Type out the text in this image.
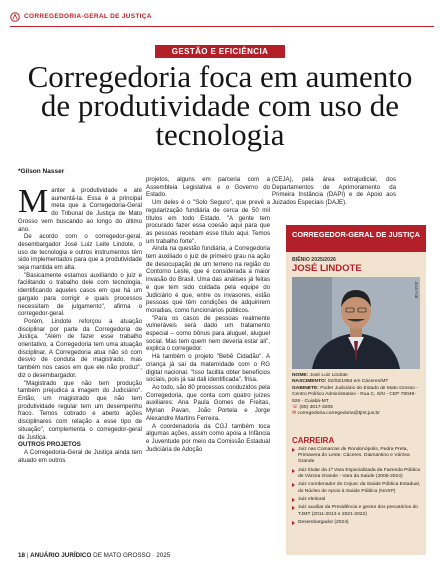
CORREGEDORIA-GERAL DE JUSTIÇA
GESTÃO E EFICIÊNCIA
Corregedoria foca em aumento de produtividade com uso de tecnologia
*Gilson Nasser

Manter a produtividade e até aumentá-la. Essa é a principal meta que a Corregedoria-Geral do Tribunal de Justiça de Mato Grosso vem buscando ao longo do último ano.

De acordo com o corregedor-geral, desembargador José Luiz Leite Lindote, o uso de tecnologia e outros instrumentos têm sido implementados para que a produtividade seja mantida em alta.

"Basicamente estamos auxiliando o juiz e facilitando o trabalho dele com tecnologia, identificando aqueles casos em que há um gargalo para corrigir e quais processos necessitam de julgamento", afirma o corregedor-geral.

Porém, Lindote reforçou a atuação disciplinar por parte da Corregedoria de Justiça. "Além de fazer esse trabalho orientativo, a Corregedoria tem uma atuação disciplinar. A Corregedoria atua não só com desvio de conduta de magistrado, mas também nos casos em que ele não produz", diz o desembargador.

"Magistrado que não tem produção também prejudica a imagem do Judiciário". Então, um magistrado que não tem produtividade regular tem um desempenho fraco. Temos cobrado e aberto ações disciplinares com relação a esse tipo de situação", complementa o corregedor-geral de Justiça.

OUTROS PROJETOS

A Corregedoria-Geral de Justiça ainda tem atuado em outros

projetos, alguns em parceria com a Assembleia Legislativa e o Governo do Estado.

Um deles é o "Solo Seguro", que prevê a regularização fundiária de cerca de 50 mil títulos em todo Estado. "A gente tem procurado fazer essa coesão aqui para que as pessoas recebam esse título aqui. Temos um trabalho forte".

Ainda na questão fundiária, a Corregedoria tem auxiliado o juiz de primeiro grau na ação de desocupação de um terreno na região do Contorno Leste, que é considerada a maior invasão do Brasil. Uma das análises já feitas e que tem sido cuidada pela equipe do Judiciário é que, entre os invasores, estão pessoas que têm condições de adquirirem moradias, como funcionários públicos.

"Para os casos de pessoas realmente vulneráveis será dado um tratamento especial – como bônus para aluguel, aluguel social. Mas tem quem nem deveria estar ali", explica o corregedor.

Há também o projeto "Bebê Cidadão". A criança já sai da maternidade com o RG digital nacional. "Isso facilita obter benefícios sociais, pois já sai dali identificada", frisa.

Ao todo, são 80 processos conduzidos pela Corregedoria, que conta com quatro juízes auxiliares: Ana Paula Gomes de Freitas, Myrian Pavan, João Portela e Jorge Alexandre Martins Ferreira.

A coordenadoria da CGJ também toca algumas ações, assim como apoia a Infância e Juventude por meio da Comissão Estadual Judiciária de Adoção

(CEJA), pela área extrajudicial, dos Departamentos de Aprimoramento da Primeira Instância (DAPI) e de Apoio aos Juizados Especiais (DAJE).

CORREGEDOR-GERAL DE JUSTIÇA
BIÊNIO 2025/2026
JOSÉ LINDOTE
JEAN FSB
NOME: José Luiz Lindote
NASCIMENTO: 02/03/1963 em Cáceres/MT
GABINETE: Poder Judiciário do Estado de Mato Grosso - Centro Político Administrativo - Rua C, S/N - CEP 78049-926 - Cuiabá-MT
☏ (65) 3617-3205
✉ corregedoria.corregedoria@tjmt.jus.br
CARREIRA
Juiz nas Comarcas de Rondonópolis, Pedra Preta, Primavera do Leste, Cáceres, Diamantino e Várzea Grande
Juiz titular da 1ª Vara Especializada da Fazenda Pública de Várzea Grande - Vara da Saúde (2005-2024)
Juiz coordenador do Cejusc da Saúde Pública Estadual, do Núcleo de Apoio à Saúde Pública (NASP)
Juiz eleitoral
Juiz auxiliar da Presidência e gestor dos precatórios do TJMT (2011-2013 e 2021-2022)
Desembargador (2024)
18 | ANUÁRIO JURÍDICO DE MATO GROSSO · 2025
